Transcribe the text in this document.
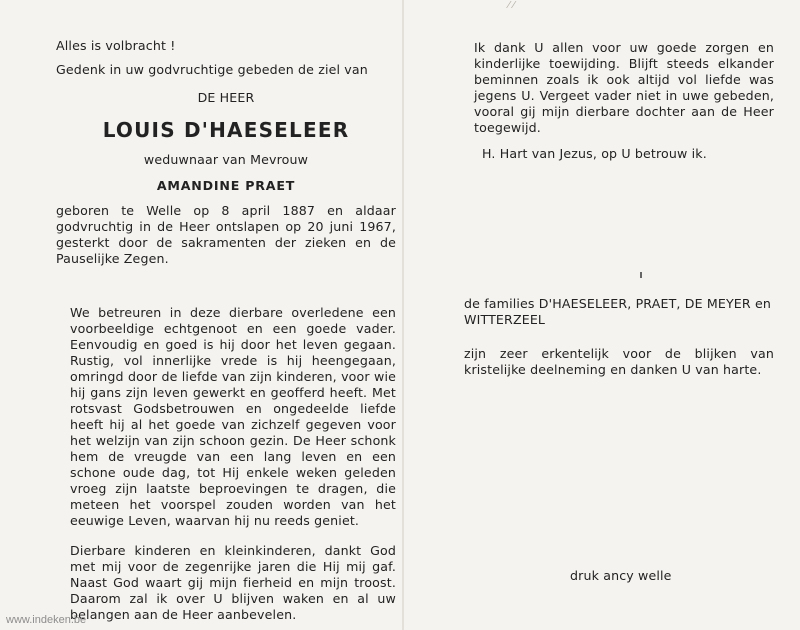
⁄ ⁄

Alles is volbracht !

Gedenk in uw godvruchtige gebeden de ziel van

DE HEER

LOUIS D'HAESELEER

weduwnaar van Mevrouw

AMANDINE PRAET

geboren te Welle op 8 april 1887 en aldaar godvruchtig in de Heer ontslapen op 20 juni 1967, gesterkt door de sakramenten der zieken en de Pauselijke Zegen.

We betreuren in deze dierbare overledene een voorbeeldige echtgenoot en een goede vader. Eenvoudig en goed is hij door het leven gegaan. Rustig, vol innerlijke vrede is hij heengegaan, omringd door de liefde van zijn kinderen, voor wie hij gans zijn leven gewerkt en geofferd heeft. Met rotsvast Godsbetrouwen en ongedeelde liefde heeft hij al het goede van zichzelf gegeven voor het welzijn van zijn schoon gezin. De Heer schonk hem de vreugde van een lang leven en een schone oude dag, tot Hij enkele weken geleden vroeg zijn laatste beproevingen te dragen, die meteen het voorspel zouden worden van het eeuwige Leven, waarvan hij nu reeds geniet.

Dierbare kinderen en kleinkinderen, dankt God met mij voor de zegenrijke jaren die Hij mij gaf. Naast God waart gij mijn fierheid en mijn troost. Daarom zal ik over U blijven waken en al uw belangen aan de Heer aanbevelen.

Ik dank U allen voor uw goede zorgen en kinderlijke toewijding. Blijft steeds elkander beminnen zoals ik ook altijd vol liefde was jegens U. Vergeet vader niet in uwe gebeden, vooral gij mijn dierbare dochter aan de Heer toegewijd.

H. Hart van Jezus, op U betrouw ik.

de families D'HAESELEER, PRAET, DE MEYER en WITTERZEEL

zijn zeer erkentelijk voor de blijken van kristelijke deelneming en danken U van harte.

druk ancy welle

www.indeken.be
